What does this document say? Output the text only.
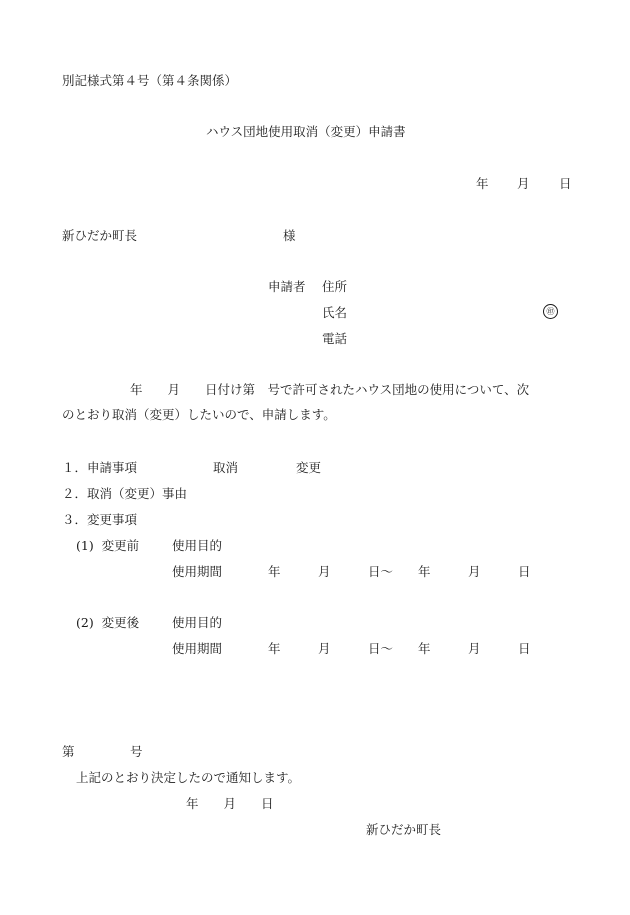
別記様式第４号（第４条関係）
ハウス団地使用取消（変更）申請書
年 月 日
新ひだか町長	様
申請者 住所
氏名	㊞
電話
年　　月　　日付け第　号で許可されたハウス団地の使用について、次
のとおり取消（変更）したいので、申請します。
１．申請事項	取消	変更
２．取消（変更）事由
３．変更事項
(1)  変更前	使用目的
使用期間	年　　　月　　　日～　　年　　　月　　　日
(2)  変更後	使用目的
使用期間	年　　　月　　　日～　　年　　　月　　　日
第	号
上記のとおり決定したので通知します。
年　　月　　日
新ひだか町長
